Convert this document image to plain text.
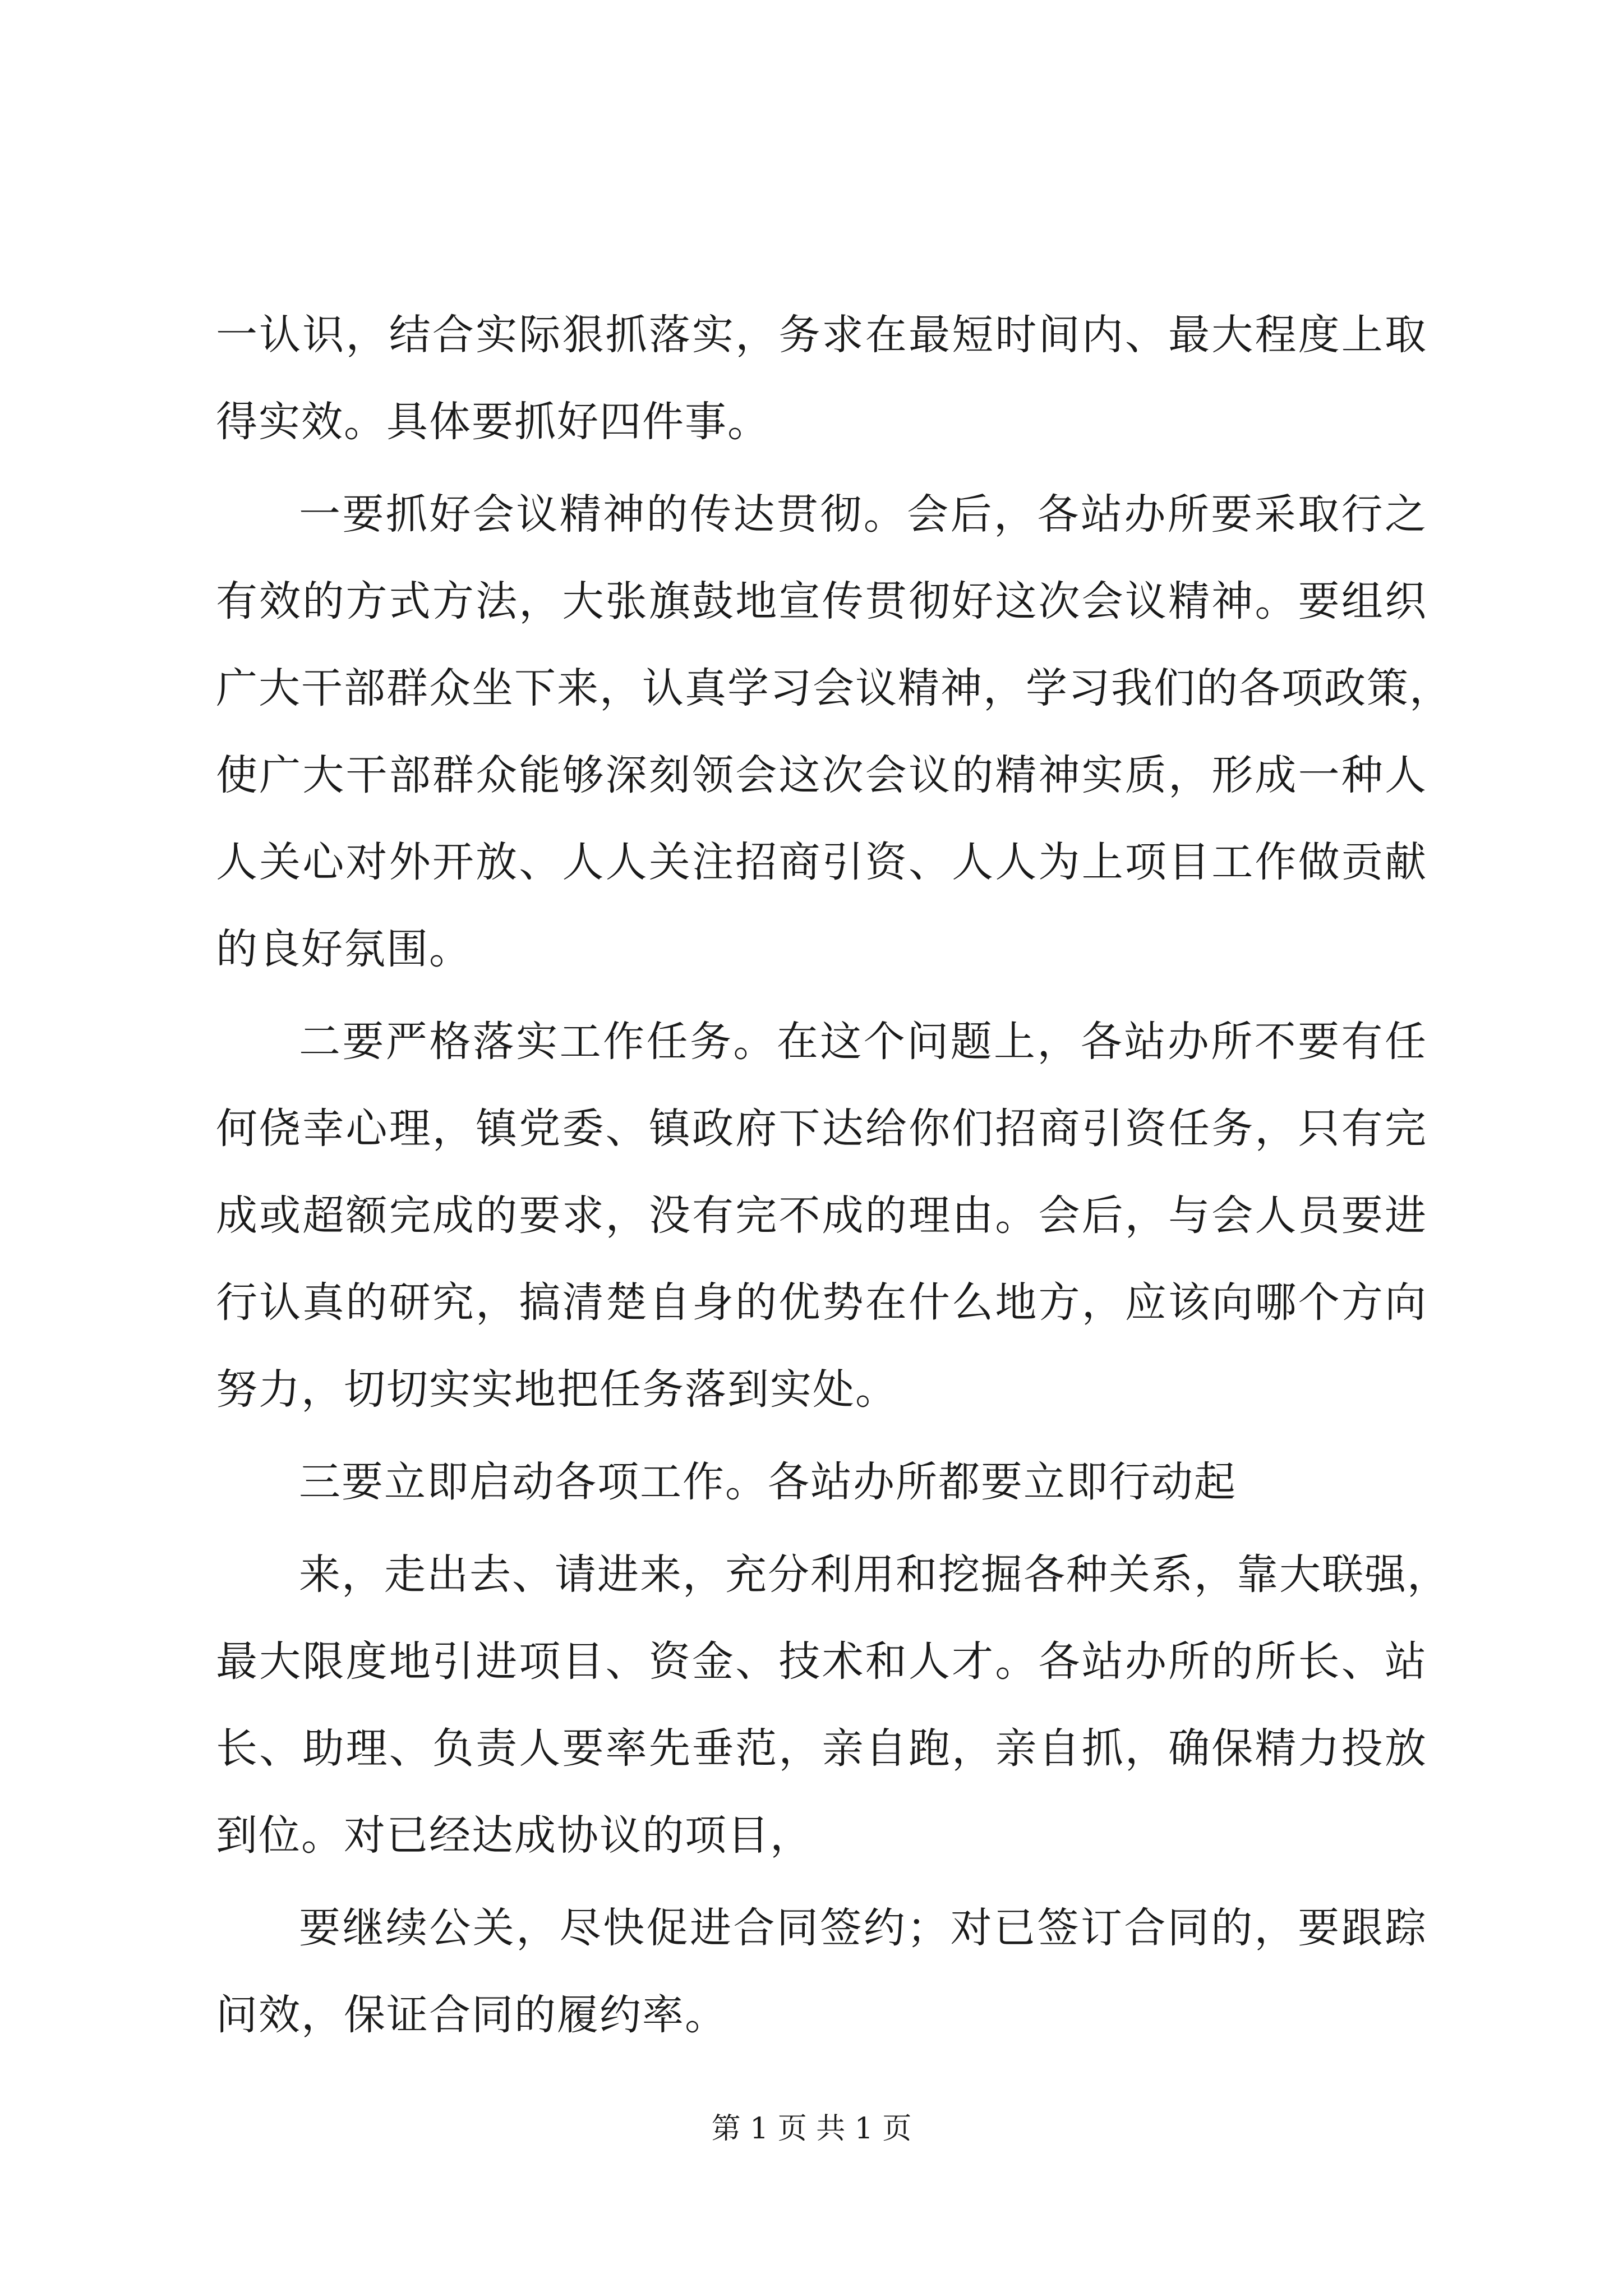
一认识，结合实际狠抓落实，务求在最短时间内、最大程度上取
得实效。具体要抓好四件事。
一要抓好会议精神的传达贯彻。会后，各站办所要采取行之
有效的方式方法，大张旗鼓地宣传贯彻好这次会议精神。要组织
广大干部群众坐下来，认真学习会议精神，学习我们的各项政策，
使广大干部群众能够深刻领会这次会议的精神实质，形成一种人
人关心对外开放、人人关注招商引资、人人为上项目工作做贡献
的良好氛围。
二要严格落实工作任务。在这个问题上，各站办所不要有任
何侥幸心理，镇党委、镇政府下达给你们招商引资任务，只有完
成或超额完成的要求，没有完不成的理由。会后，与会人员要进
行认真的研究，搞清楚自身的优势在什么地方，应该向哪个方向
努力，切切实实地把任务落到实处。
三要立即启动各项工作。各站办所都要立即行动起
来，走出去、请进来，充分利用和挖掘各种关系，靠大联强，
最大限度地引进项目、资金、技术和人才。各站办所的所长、站
长、助理、负责人要率先垂范，亲自跑，亲自抓，确保精力投放
到位。对已经达成协议的项目，
要继续公关，尽快促进合同签约；对已签订合同的，要跟踪
问效，保证合同的履约率。
第 1 页 共 1 页
